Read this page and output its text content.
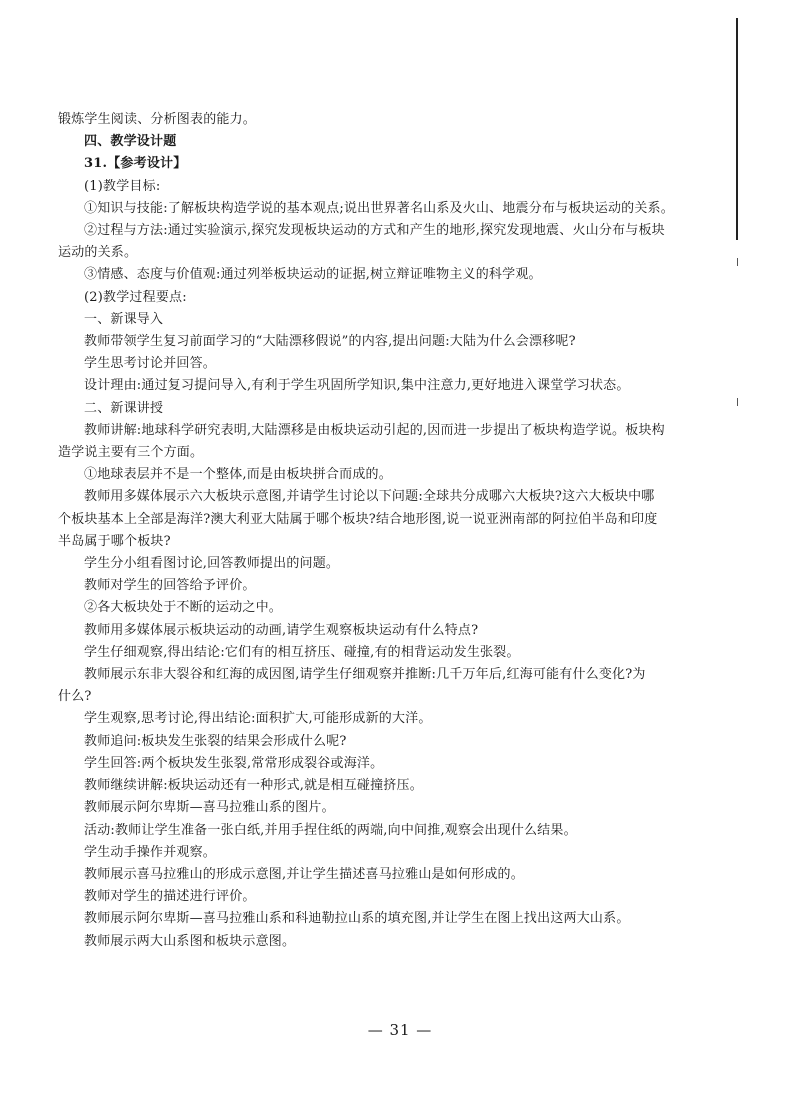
锻炼学生阅读、分析图表的能力。
四、教学设计题
31.【参考设计】
(1)教学目标:
①知识与技能:了解板块构造学说的基本观点;说出世界著名山系及火山、地震分布与板块运动的关系。
②过程与方法:通过实验演示,探究发现板块运动的方式和产生的地形,探究发现地震、火山分布与板块
运动的关系。
③情感、态度与价值观:通过列举板块运动的证据,树立辩证唯物主义的科学观。
(2)教学过程要点:
一、新课导入
教师带领学生复习前面学习的“大陆漂移假说”的内容,提出问题:大陆为什么会漂移呢?
学生思考讨论并回答。
设计理由:通过复习提问导入,有利于学生巩固所学知识,集中注意力,更好地进入课堂学习状态。
二、新课讲授
教师讲解:地球科学研究表明,大陆漂移是由板块运动引起的,因而进一步提出了板块构造学说。板块构
造学说主要有三个方面。
①地球表层并不是一个整体,而是由板块拼合而成的。
教师用多媒体展示六大板块示意图,并请学生讨论以下问题:全球共分成哪六大板块?这六大板块中哪
个板块基本上全部是海洋?澳大利亚大陆属于哪个板块?结合地形图,说一说亚洲南部的阿拉伯半岛和印度
半岛属于哪个板块?
学生分小组看图讨论,回答教师提出的问题。
教师对学生的回答给予评价。
②各大板块处于不断的运动之中。
教师用多媒体展示板块运动的动画,请学生观察板块运动有什么特点?
学生仔细观察,得出结论:它们有的相互挤压、碰撞,有的相背运动发生张裂。
教师展示东非大裂谷和红海的成因图,请学生仔细观察并推断:几千万年后,红海可能有什么变化?为
什么?
学生观察,思考讨论,得出结论:面积扩大,可能形成新的大洋。
教师追问:板块发生张裂的结果会形成什么呢?
学生回答:两个板块发生张裂,常常形成裂谷或海洋。
教师继续讲解:板块运动还有一种形式,就是相互碰撞挤压。
教师展示阿尔卑斯—喜马拉雅山系的图片。
活动:教师让学生准备一张白纸,并用手捏住纸的两端,向中间推,观察会出现什么结果。
学生动手操作并观察。
教师展示喜马拉雅山的形成示意图,并让学生描述喜马拉雅山是如何形成的。
教师对学生的描述进行评价。
教师展示阿尔卑斯—喜马拉雅山系和科迪勒拉山系的填充图,并让学生在图上找出这两大山系。
教师展示两大山系图和板块示意图。
— 31 —
